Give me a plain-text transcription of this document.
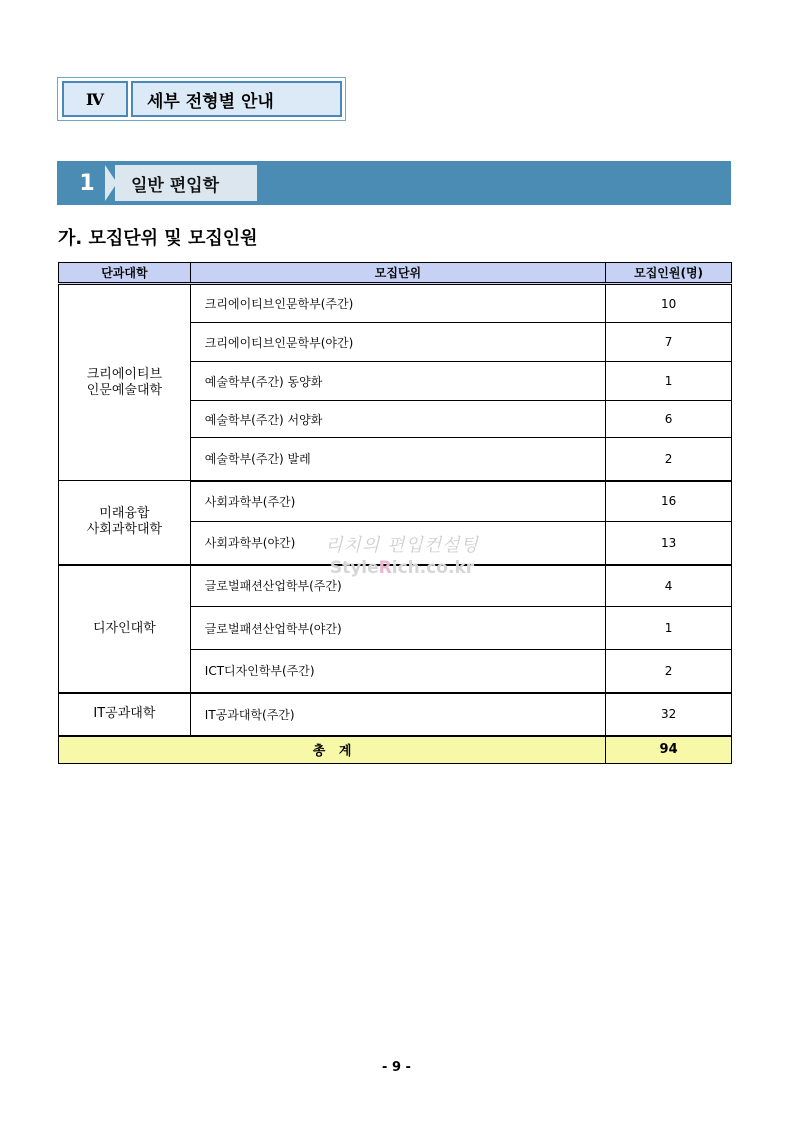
Ⅳ	세부 전형별 안내
1	일반 편입학
가. 모집단위 및 모집인원
단과대학	모집단위	모집인원(명)

크리에이티브
인문예술대학	크리에이티브인문학부(주간)	10
	크리에이티브인문학부(야간)	7
	예술학부(주간) 동양화	1
	예술학부(주간) 서양화	6
	예술학부(주간) 발레	2

미래융합
사회과학대학	사회과학부(주간)	16
	사회과학부(야간)	13

디자인대학	글로벌패션산업학부(주간)	4
	글로벌패션산업학부(야간)	1
	ICT디자인학부(주간)	2

IT공과대학	IT공과대학(주간)	32
총   계		94
리치의 편입컨설팅
StyleRich.co.kr
- 9 -
